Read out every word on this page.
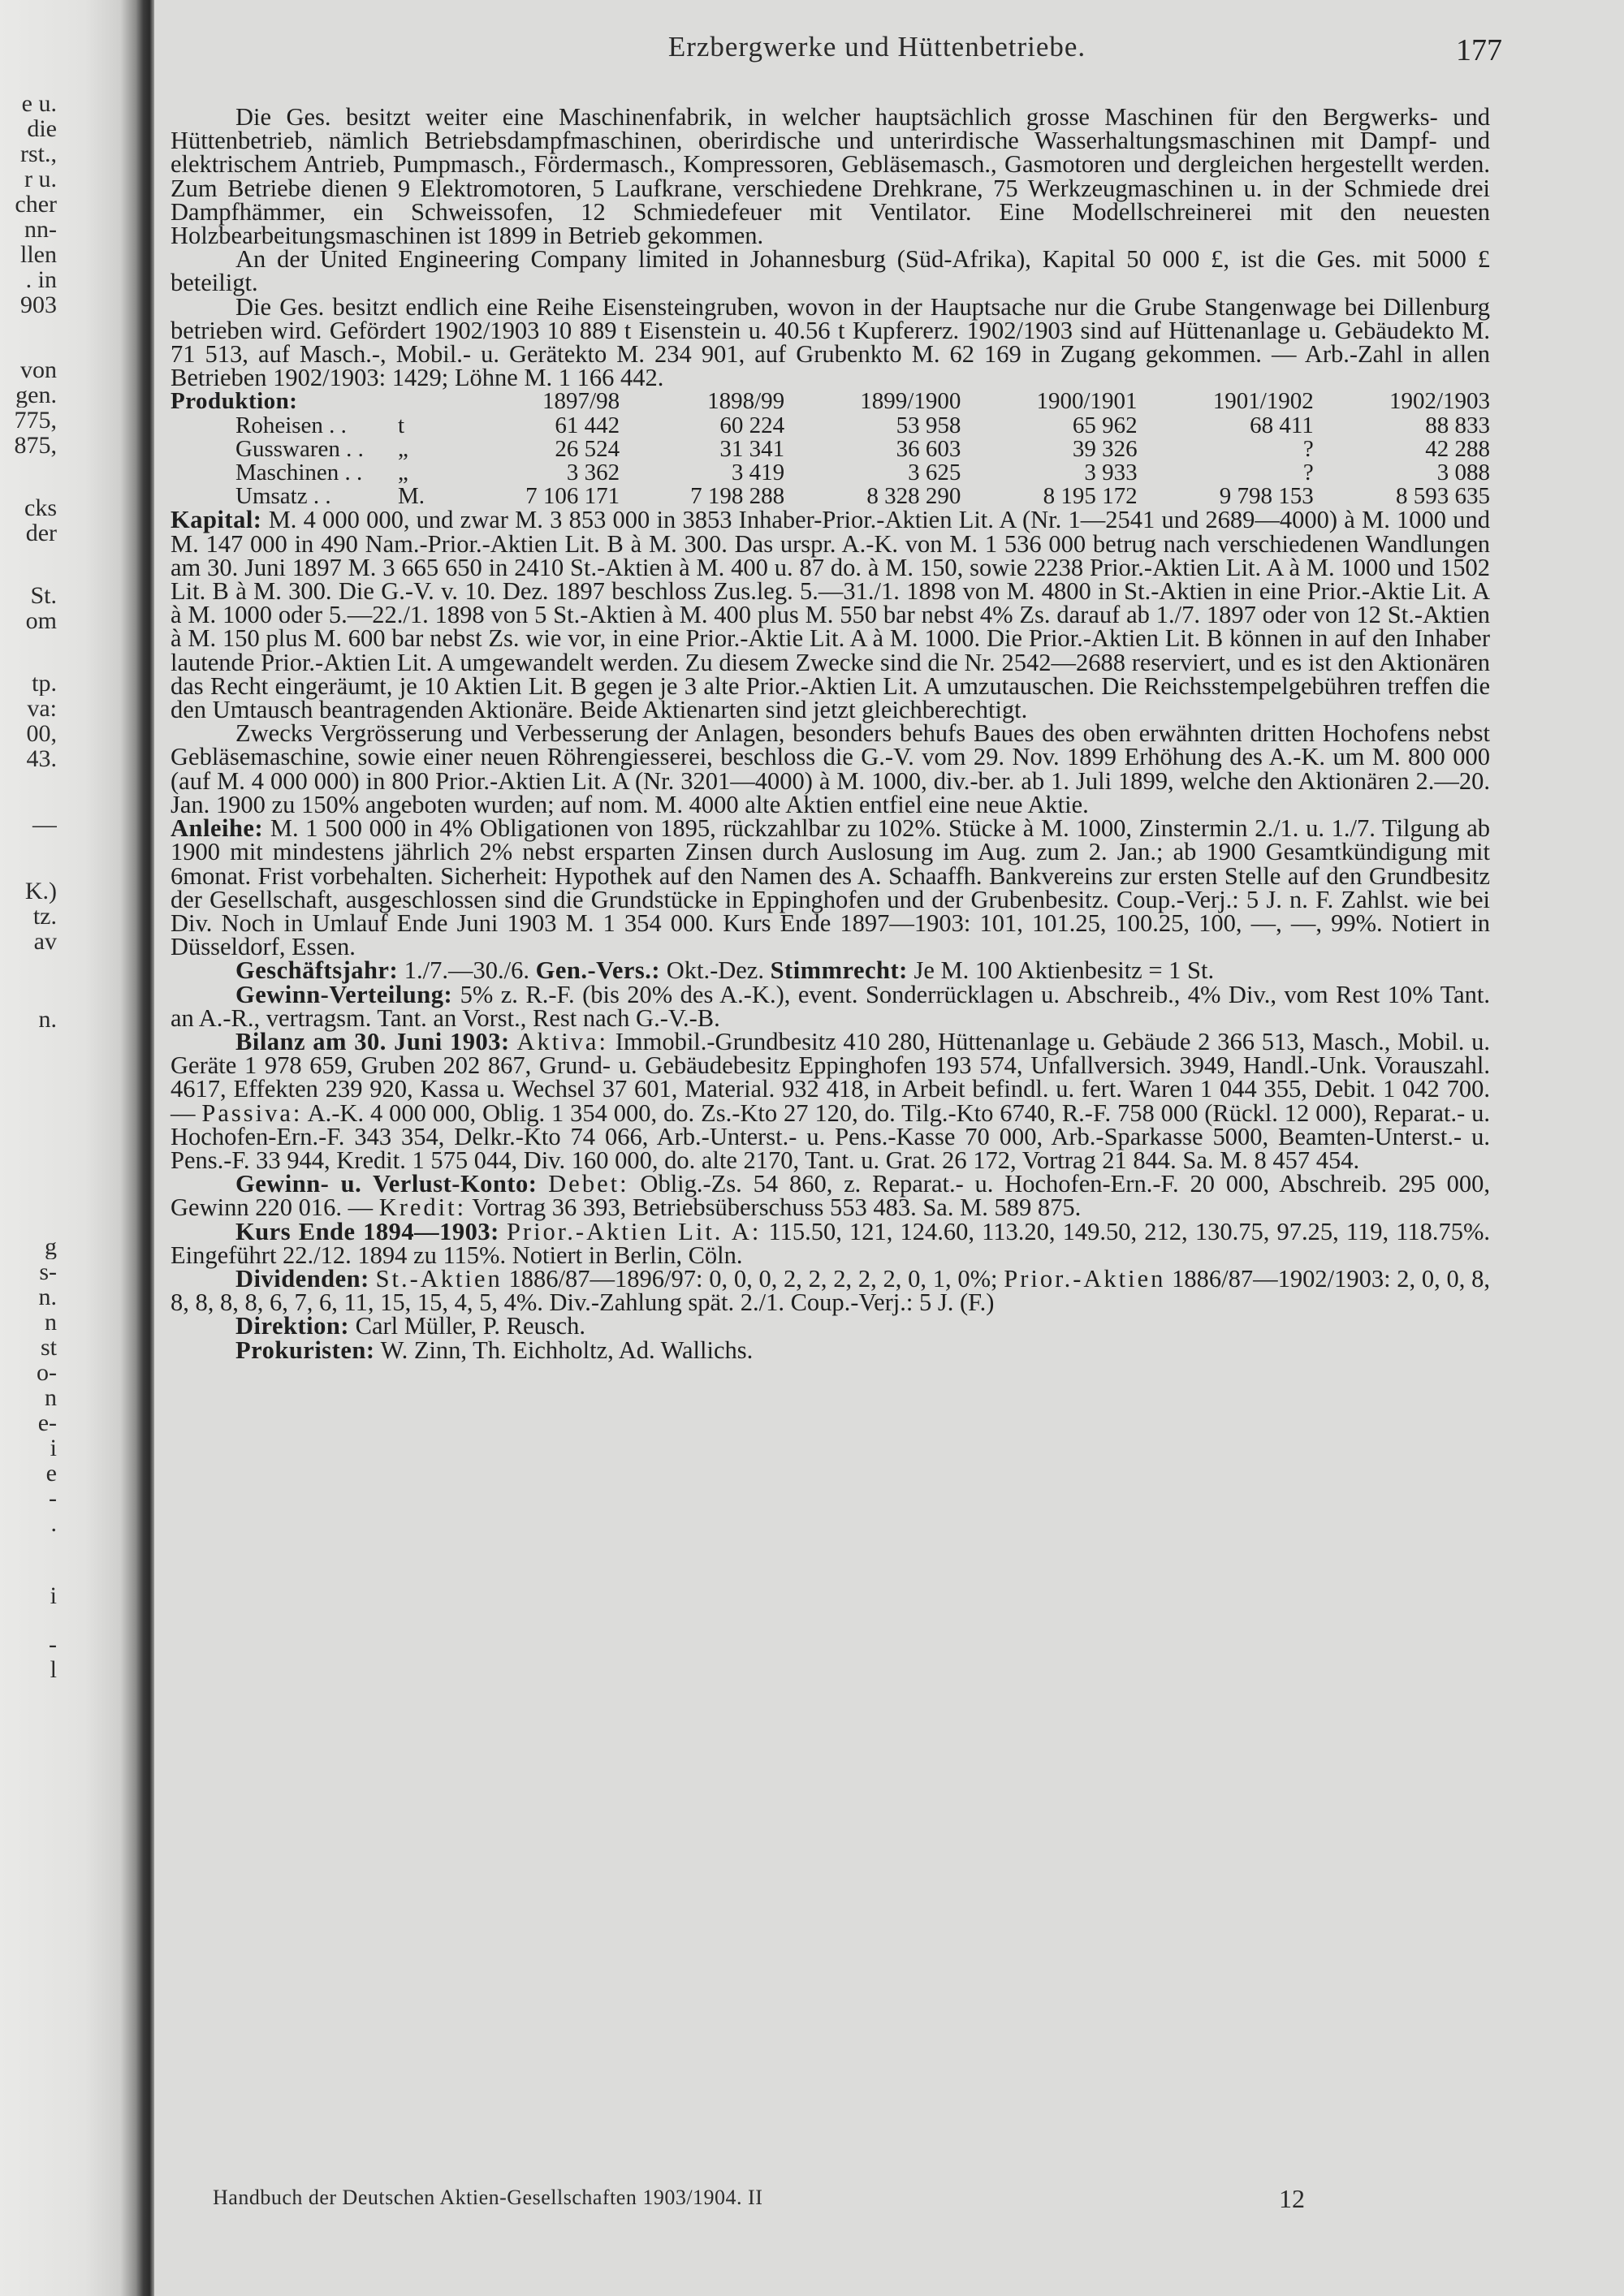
e u.
die
rst.,
r u.
cher
nn-
llen
. in
903
von
gen.
775,
875,
cks
der
St.
om
tp.
va:
00,
43.
—
K.)
tz.
av
n.
g
s-
n.
n
st
o-
n
e-
i
e
-
.
i
-
l
Erzbergwerke und Hüttenbetriebe.	177

Die Ges. besitzt weiter eine Maschinenfabrik, in welcher hauptsächlich grosse Maschinen für den Bergwerks- und Hüttenbetrieb, nämlich Betriebsdampfmaschinen, oberirdische und unterirdische Wasserhaltungsmaschinen mit Dampf- und elektrischem Antrieb, Pumpmasch., Fördermasch., Kompressoren, Gebläsemasch., Gasmotoren und dergleichen hergestellt werden. Zum Betriebe dienen 9 Elektromotoren, 5 Laufkrane, verschiedene Drehkrane, 75 Werkzeugmaschinen u. in der Schmiede drei Dampfhämmer, ein Schweissofen, 12 Schmiedefeuer mit Ventilator. Eine Modellschreinerei mit den neuesten Holzbearbeitungsmaschinen ist 1899 in Betrieb gekommen.

An der United Engineering Company limited in Johannesburg (Süd-Afrika), Kapital 50 000 £, ist die Ges. mit 5000 £ beteiligt.

Die Ges. besitzt endlich eine Reihe Eisensteingruben, wovon in der Hauptsache nur die Grube Stangenwage bei Dillenburg betrieben wird. Gefördert 1902/1903 10 889 t Eisenstein u. 40.56 t Kupfererz. 1902/1903 sind auf Hüttenanlage u. Gebäudekto M. 71 513, auf Masch.-, Mobil.- u. Gerätekto M. 234 901, auf Grubenkto M. 62 169 in Zugang gekommen. — Arb.-Zahl in allen Betrieben 1902/1903: 1429; Löhne M. 1 166 442.

Produktion:		1897/98	1898/99	1899/1900	1900/1901	1901/1902	1902/1903
Roheisen . .	t	61 442	60 224	53 958	65 962	68 411	88 833
Gusswaren . .	„	26 524	31 341	36 603	39 326	?	42 288
Maschinen . .	„	3 362	3 419	3 625	3 933	?	3 088
Umsatz . .	M.	7 106 171	7 198 288	8 328 290	8 195 172	9 798 153	8 593 635

Kapital: M. 4 000 000, und zwar M. 3 853 000 in 3853 Inhaber-Prior.-Aktien Lit. A (Nr. 1—2541 und 2689—4000) à M. 1000 und M. 147 000 in 490 Nam.-Prior.-Aktien Lit. B à M. 300. Das urspr. A.-K. von M. 1 536 000 betrug nach verschiedenen Wandlungen am 30. Juni 1897 M. 3 665 650 in 2410 St.-Aktien à M. 400 u. 87 do. à M. 150, sowie 2238 Prior.-Aktien Lit. A à M. 1000 und 1502 Lit. B à M. 300. Die G.-V. v. 10. Dez. 1897 beschloss Zus.leg. 5.—31./1. 1898 von M. 4800 in St.-Aktien in eine Prior.-Aktie Lit. A à M. 1000 oder 5.—22./1. 1898 von 5 St.-Aktien à M. 400 plus M. 550 bar nebst 4% Zs. darauf ab 1./7. 1897 oder von 12 St.-Aktien à M. 150 plus M. 600 bar nebst Zs. wie vor, in eine Prior.-Aktie Lit. A à M. 1000. Die Prior.-Aktien Lit. B können in auf den Inhaber lautende Prior.-Aktien Lit. A umgewandelt werden. Zu diesem Zwecke sind die Nr. 2542—2688 reserviert, und es ist den Aktionären das Recht eingeräumt, je 10 Aktien Lit. B gegen je 3 alte Prior.-Aktien Lit. A umzutauschen. Die Reichsstempelgebühren treffen die den Umtausch beantragenden Aktionäre. Beide Aktienarten sind jetzt gleichberechtigt.

Zwecks Vergrösserung und Verbesserung der Anlagen, besonders behufs Baues des oben erwähnten dritten Hochofens nebst Gebläsemaschine, sowie einer neuen Röhrengiesserei, beschloss die G.-V. vom 29. Nov. 1899 Erhöhung des A.-K. um M. 800 000 (auf M. 4 000 000) in 800 Prior.-Aktien Lit. A (Nr. 3201—4000) à M. 1000, div.-ber. ab 1. Juli 1899, welche den Aktionären 2.—20. Jan. 1900 zu 150% angeboten wurden; auf nom. M. 4000 alte Aktien entfiel eine neue Aktie.

Anleihe: M. 1 500 000 in 4% Obligationen von 1895, rückzahlbar zu 102%. Stücke à M. 1000, Zinstermin 2./1. u. 1./7. Tilgung ab 1900 mit mindestens jährlich 2% nebst ersparten Zinsen durch Auslosung im Aug. zum 2. Jan.; ab 1900 Gesamtkündigung mit 6monat. Frist vorbehalten. Sicherheit: Hypothek auf den Namen des A. Schaaffh. Bankvereins zur ersten Stelle auf den Grundbesitz der Gesellschaft, ausgeschlossen sind die Grundstücke in Eppinghofen und der Grubenbesitz. Coup.-Verj.: 5 J. n. F. Zahlst. wie bei Div. Noch in Umlauf Ende Juni 1903 M. 1 354 000. Kurs Ende 1897—1903: 101, 101.25, 100.25, 100, —, —, 99%. Notiert in Düsseldorf, Essen.

Geschäftsjahr: 1./7.—30./6. Gen.-Vers.: Okt.-Dez. Stimmrecht: Je M. 100 Aktienbesitz = 1 St.

Gewinn-Verteilung: 5% z. R.-F. (bis 20% des A.-K.), event. Sonderrücklagen u. Abschreib., 4% Div., vom Rest 10% Tant. an A.-R., vertragsm. Tant. an Vorst., Rest nach G.-V.-B.

Bilanz am 30. Juni 1903: Aktiva: Immobil.-Grundbesitz 410 280, Hüttenanlage u. Gebäude 2 366 513, Masch., Mobil. u. Geräte 1 978 659, Gruben 202 867, Grund- u. Gebäudebesitz Eppinghofen 193 574, Unfallversich. 3949, Handl.-Unk. Vorauszahl. 4617, Effekten 239 920, Kassa u. Wechsel 37 601, Material. 932 418, in Arbeit befindl. u. fert. Waren 1 044 355, Debit. 1 042 700. — Passiva: A.-K. 4 000 000, Oblig. 1 354 000, do. Zs.-Kto 27 120, do. Tilg.-Kto 6740, R.-F. 758 000 (Rückl. 12 000), Reparat.- u. Hochofen-Ern.-F. 343 354, Delkr.-Kto 74 066, Arb.-Unterst.- u. Pens.-Kasse 70 000, Arb.-Sparkasse 5000, Beamten-Unterst.- u. Pens.-F. 33 944, Kredit. 1 575 044, Div. 160 000, do. alte 2170, Tant. u. Grat. 26 172, Vortrag 21 844. Sa. M. 8 457 454.

Gewinn- u. Verlust-Konto: Debet: Oblig.-Zs. 54 860, z. Reparat.- u. Hochofen-Ern.-F. 20 000, Abschreib. 295 000, Gewinn 220 016. — Kredit: Vortrag 36 393, Betriebsüberschuss 553 483. Sa. M. 589 875.

Kurs Ende 1894—1903: Prior.-Aktien Lit. A: 115.50, 121, 124.60, 113.20, 149.50, 212, 130.75, 97.25, 119, 118.75%. Eingeführt 22./12. 1894 zu 115%. Notiert in Berlin, Cöln.

Dividenden: St.-Aktien 1886/87—1896/97: 0, 0, 0, 2, 2, 2, 2, 2, 0, 1, 0%; Prior.-Aktien 1886/87—1902/1903: 2, 0, 0, 8, 8, 8, 8, 8, 6, 7, 6, 11, 15, 15, 4, 5, 4%. Div.-Zahlung spät. 2./1. Coup.-Verj.: 5 J. (F.)

Direktion: Carl Müller, P. Reusch.

Prokuristen: W. Zinn, Th. Eichholtz, Ad. Wallichs.

Handbuch der Deutschen Aktien-Gesellschaften 1903/1904. II	12
